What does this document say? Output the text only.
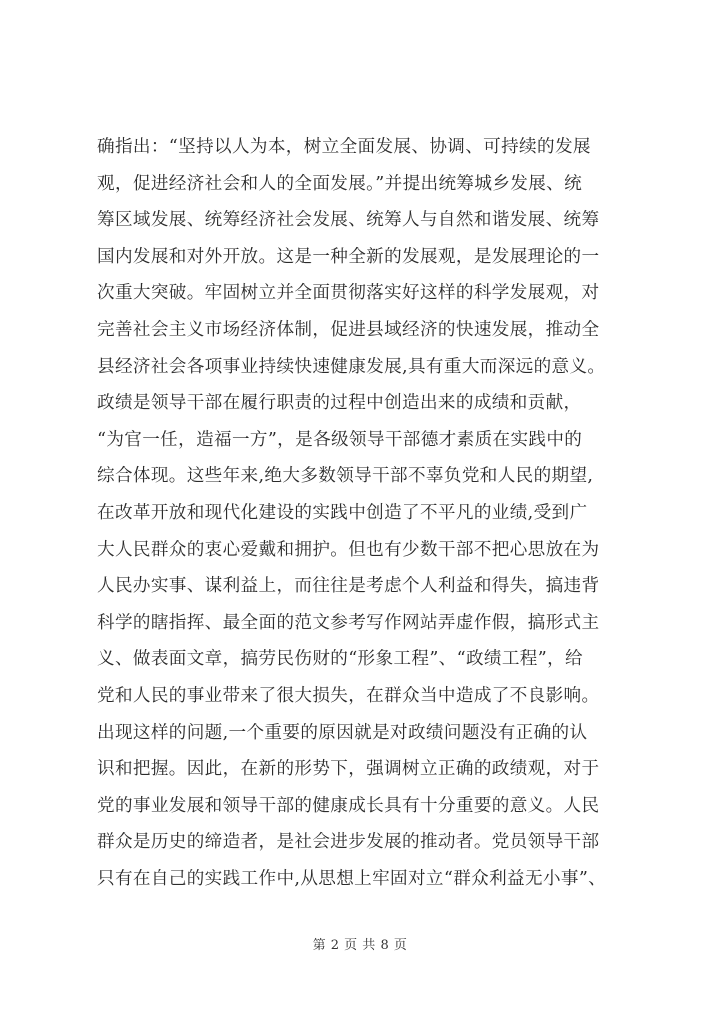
确指出：“坚持以人为本，树立全面发展、协调、可持续的发展
观，促进经济社会和人的全面发展。”并提出统筹城乡发展、统
筹区域发展、统筹经济社会发展、统筹人与自然和谐发展、统筹
国内发展和对外开放。这是一种全新的发展观，是发展理论的一
次重大突破。牢固树立并全面贯彻落实好这样的科学发展观，对
完善社会主义市场经济体制，促进县域经济的快速发展，推动全
县经济社会各项事业持续快速健康发展,具有重大而深远的意义。
政绩是领导干部在履行职责的过程中创造出来的成绩和贡献，
“为官一任，造福一方”，是各级领导干部德才素质在实践中的
综合体现。这些年来,绝大多数领导干部不辜负党和人民的期望,
在改革开放和现代化建设的实践中创造了不平凡的业绩,受到广
大人民群众的衷心爱戴和拥护。但也有少数干部不把心思放在为
人民办实事、谋利益上，而往往是考虑个人利益和得失，搞违背
科学的瞎指挥、最全面的范文参考写作网站弄虚作假，搞形式主
义、做表面文章，搞劳民伤财的“形象工程”、“政绩工程”，给
党和人民的事业带来了很大损失，在群众当中造成了不良影响。
出现这样的问题,一个重要的原因就是对政绩问题没有正确的认
识和把握。因此，在新的形势下，强调树立正确的政绩观，对于
党的事业发展和领导干部的健康成长具有十分重要的意义。人民
群众是历史的缔造者，是社会进步发展的推动者。党员领导干部
只有在自己的实践工作中,从思想上牢固对立“群众利益无小事”、
第 2 页 共 8 页
